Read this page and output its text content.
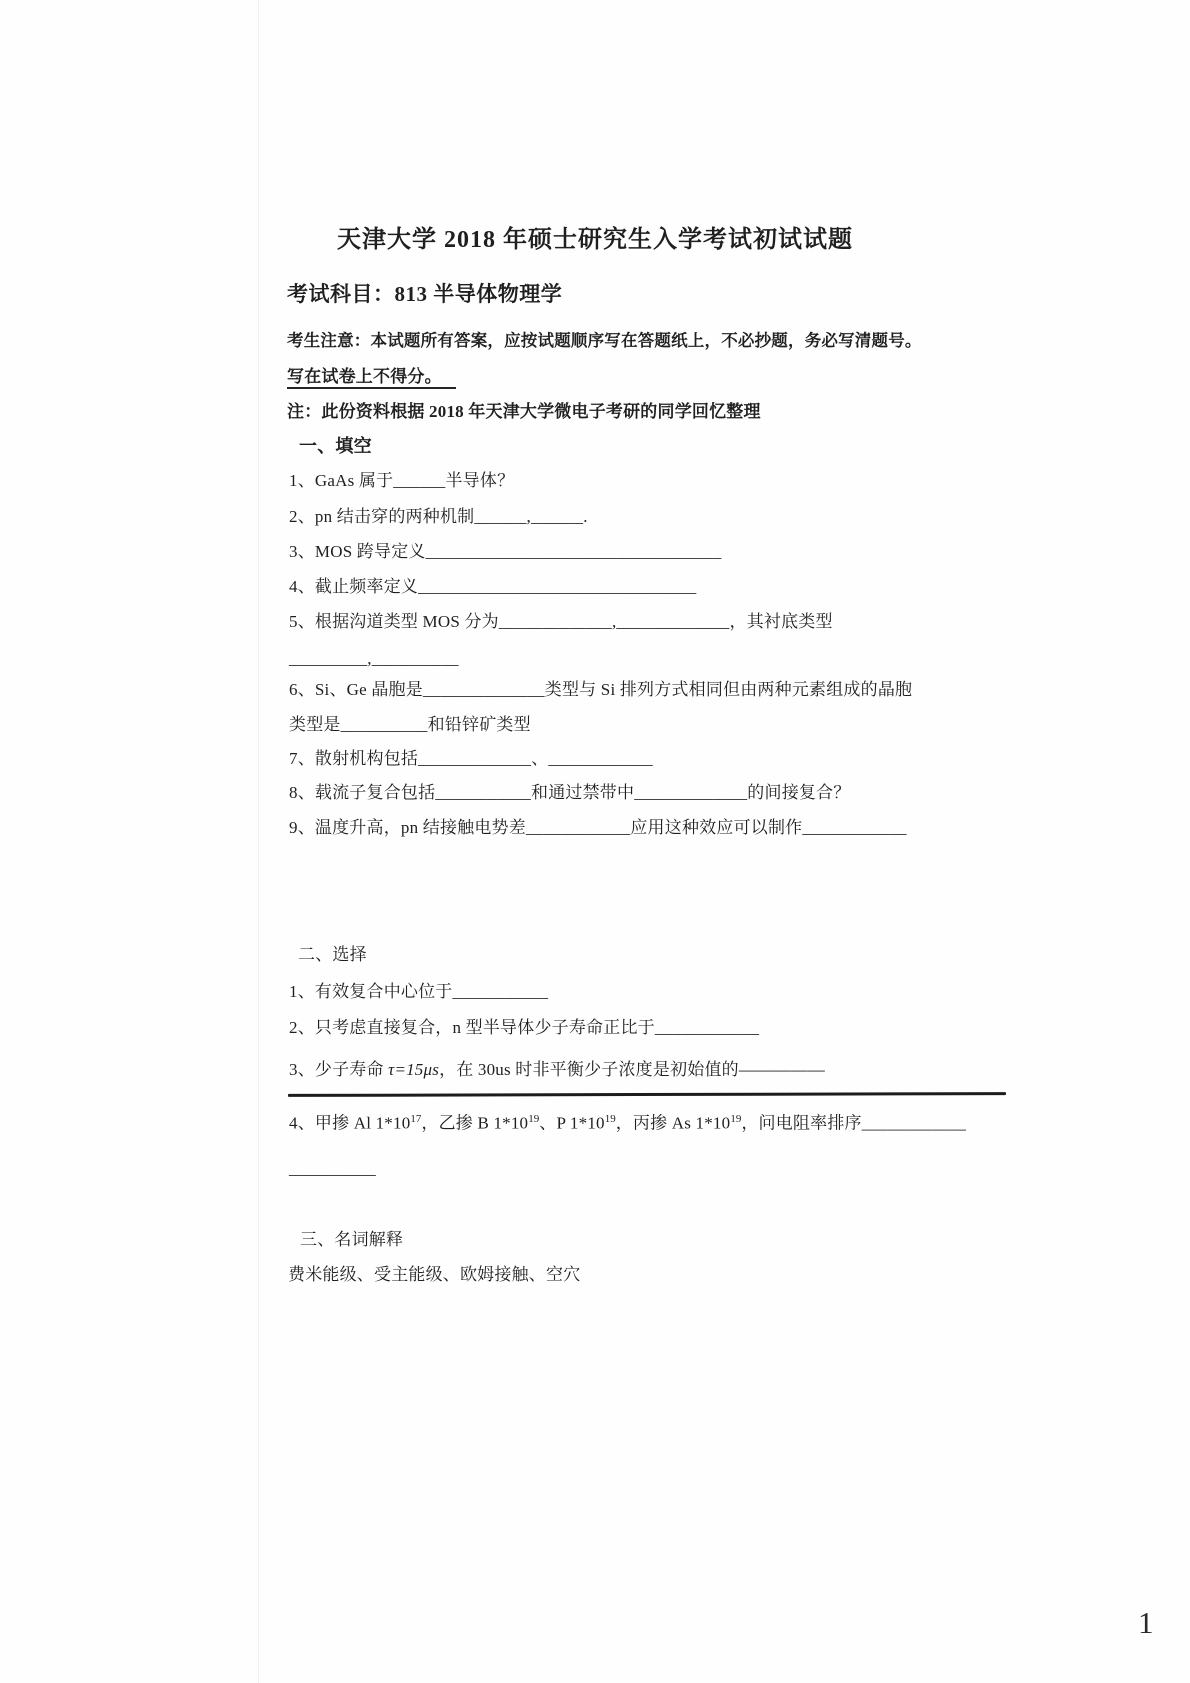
天津大学 2018 年硕士研究生入学考试初试试题
考试科目：813 半导体物理学
考生注意：本试题所有答案，应按试题顺序写在答题纸上，不必抄题，务必写清题号。
写在试卷上不得分。
注：此份资料根据 2018 年天津大学微电子考研的同学回忆整理
一、填空
1、GaAs 属于______半导体？
2、pn 结击穿的两种机制______,______.
3、MOS 跨导定义__________________________________
4、截止频率定义________________________________
5、根据沟道类型 MOS 分为_____________,_____________，其衬底类型
_________,__________
6、Si、Ge 晶胞是______________类型与 Si 排列方式相同但由两种元素组成的晶胞
类型是__________和铅锌矿类型
7、散射机构包括_____________、____________
8、载流子复合包括___________和通过禁带中_____________的间接复合？
9、温度升高，pn 结接触电势差____________应用这种效应可以制作____________
二、选择
1、有效复合中心位于___________
2、只考虑直接复合，n 型半导体少子寿命正比于____________
3、少子寿命 τ=15μs，在 30us 时非平衡少子浓度是初始值的—————
4、甲掺 Al $1*10^{17}$，乙掺 B $1*10^{19}$、P $1*10^{19}$，丙掺 As $1*10^{19}$，问电阻率排序____________
__________
三、名词解释
费米能级、受主能级、欧姆接触、空穴
1
